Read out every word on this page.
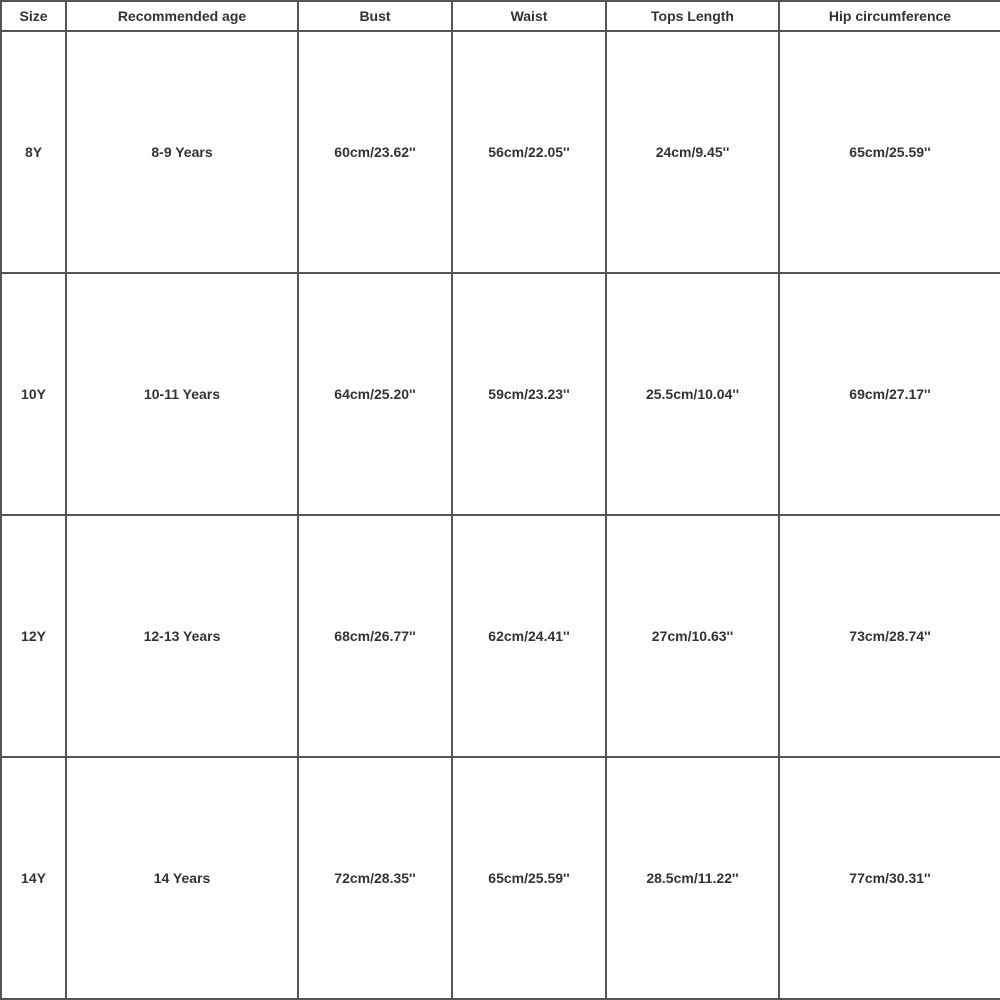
Size	Recommended age	Bust	Waist	Tops Length	Hip circumference
8Y	8-9 Years	60cm/23.62''	56cm/22.05''	24cm/9.45''	65cm/25.59''
10Y	10-11 Years	64cm/25.20''	59cm/23.23''	25.5cm/10.04''	69cm/27.17''
12Y	12-13 Years	68cm/26.77''	62cm/24.41''	27cm/10.63''	73cm/28.74''
14Y	14 Years	72cm/28.35''	65cm/25.59''	28.5cm/11.22''	77cm/30.31''
